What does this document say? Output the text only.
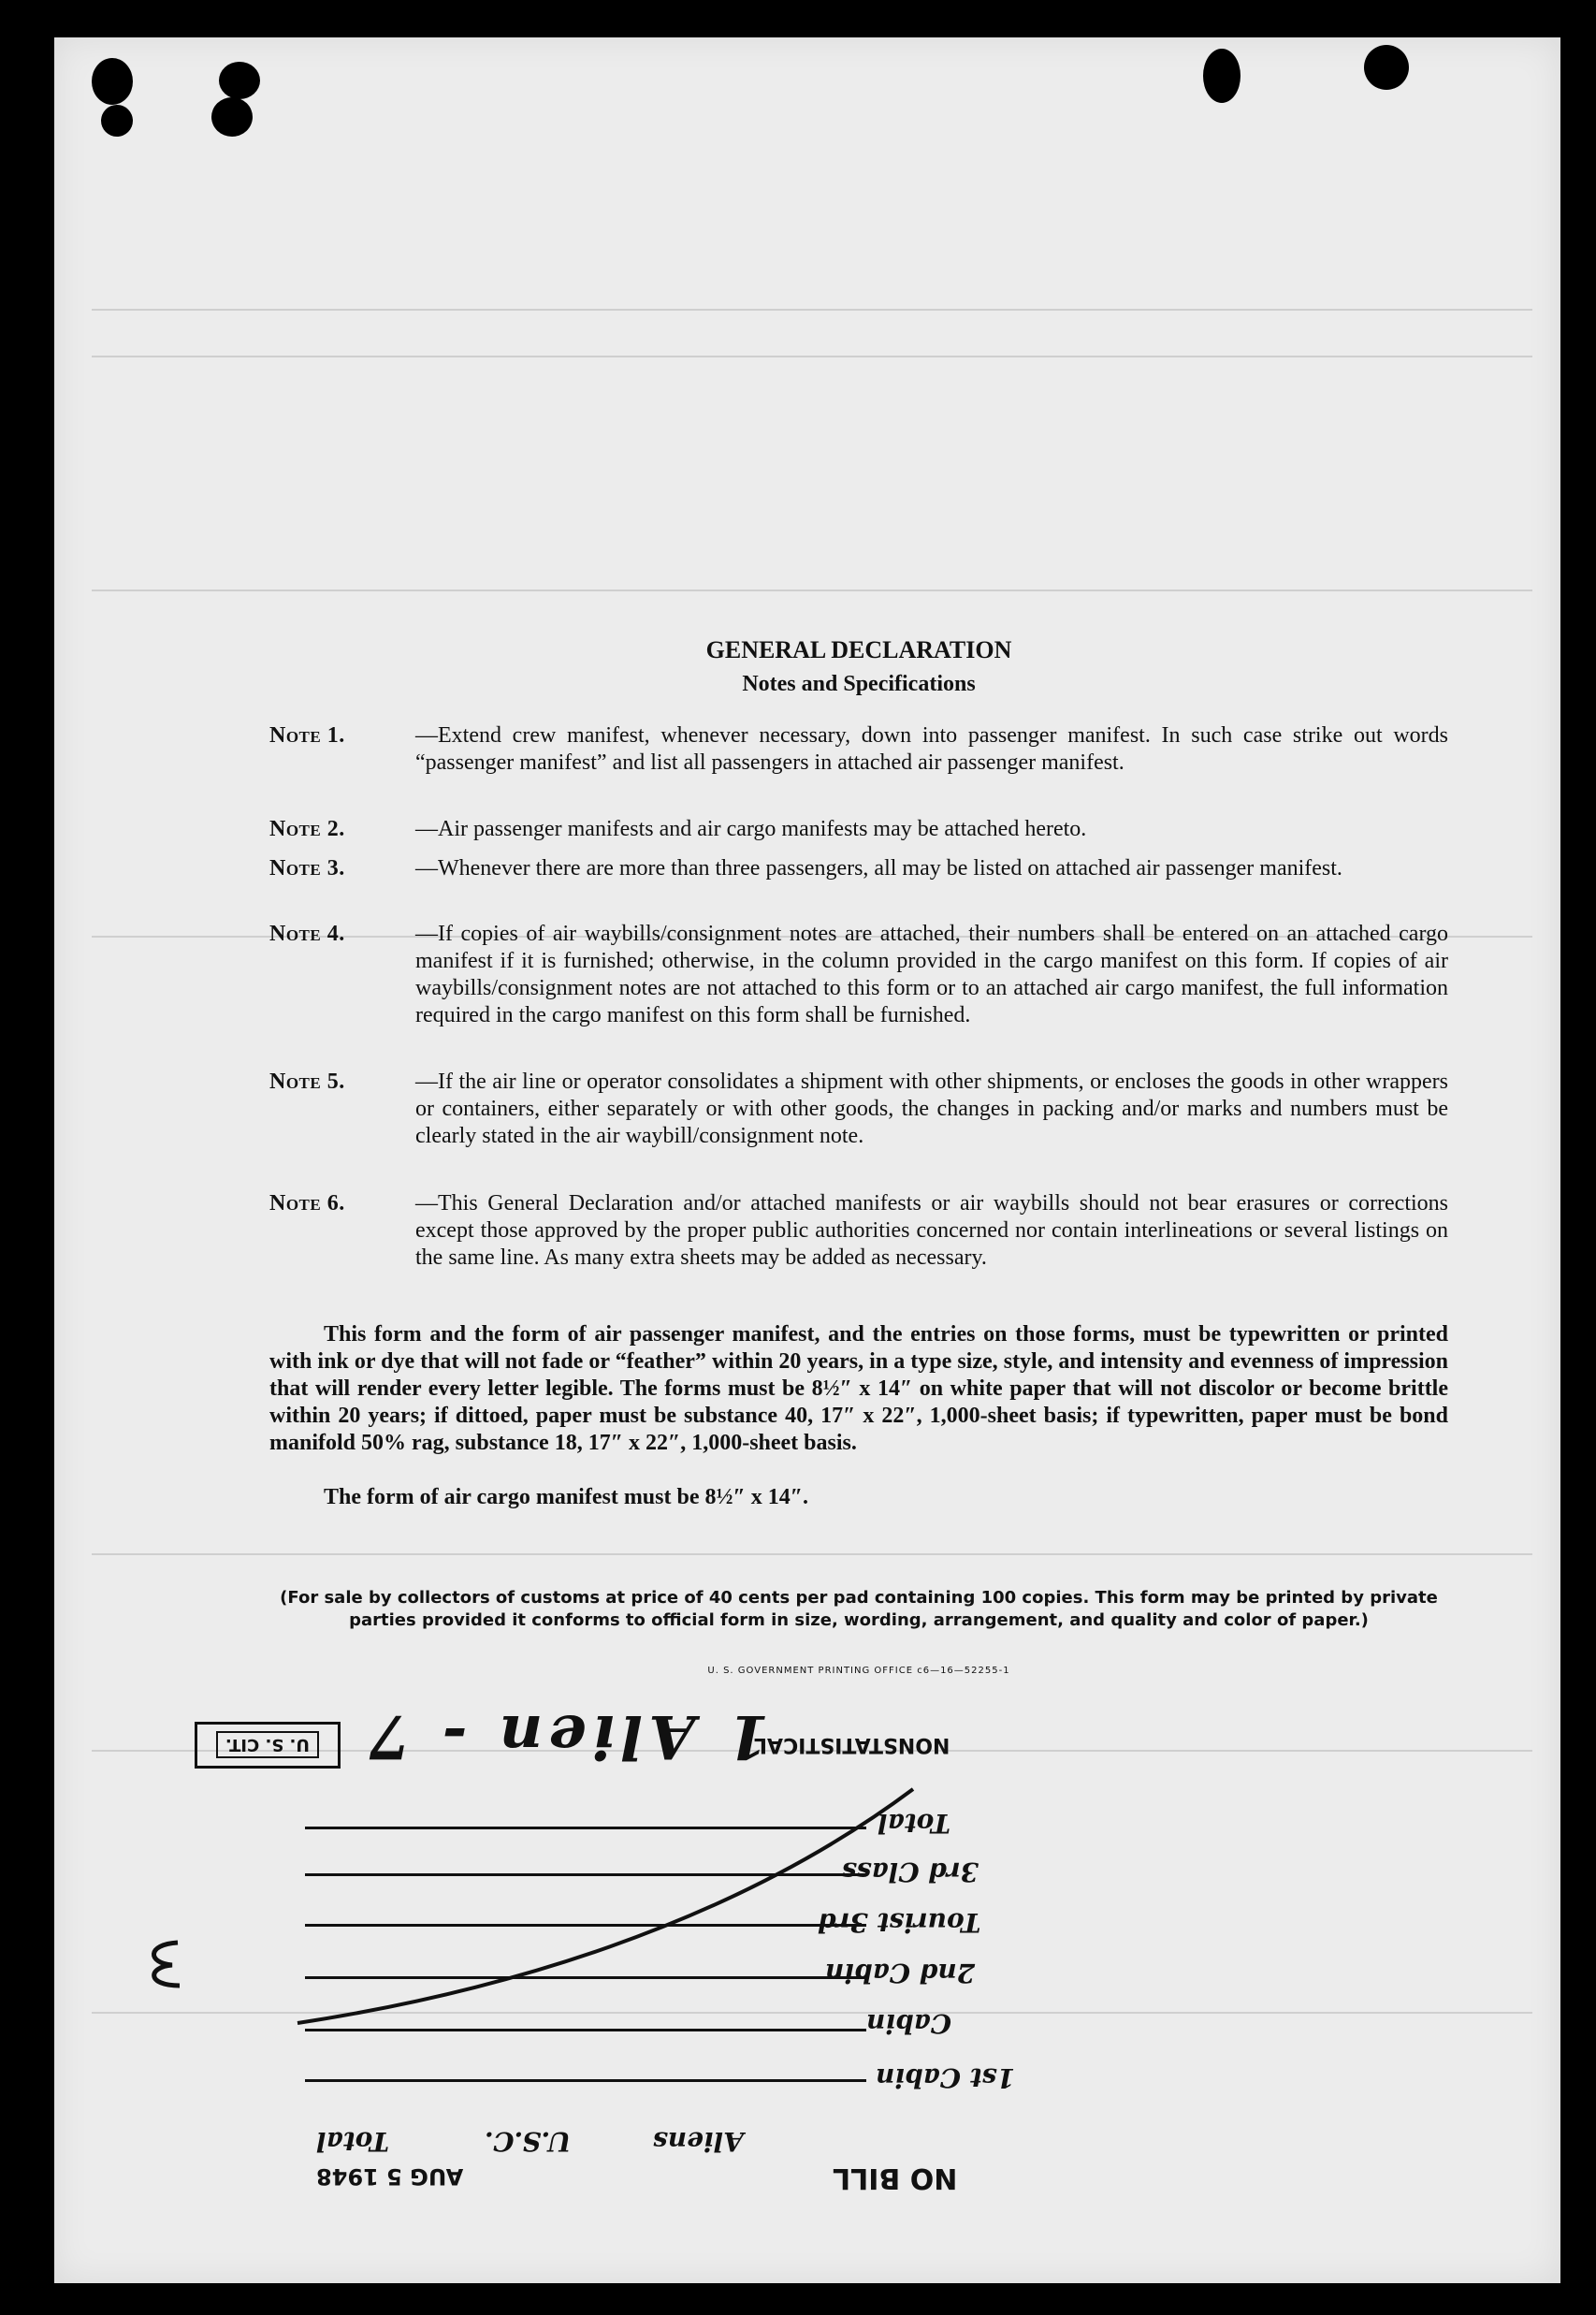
GENERAL DECLARATION
Notes and Specifications
Note 1.	—Extend crew manifest, whenever necessary, down into passenger manifest. In such case strike out words “passenger manifest” and list all passengers in attached air passenger manifest.
Note 2.	—Air passenger manifests and air cargo manifests may be attached hereto.
Note 3.	—Whenever there are more than three passengers, all may be listed on attached air passenger manifest.
Note 4.	—If copies of air waybills/consignment notes are attached, their numbers shall be entered on an attached cargo manifest if it is furnished; otherwise, in the column provided in the cargo manifest on this form. If copies of air waybills/consignment notes are not attached to this form or to an attached air cargo manifest, the full information required in the cargo manifest on this form shall be furnished.
Note 5.	—If the air line or operator consolidates a shipment with other shipments, or encloses the goods in other wrappers or containers, either separately or with other goods, the changes in packing and/or marks and numbers must be clearly stated in the air waybill/consignment note.
Note 6.	—This General Declaration and/or attached manifests or air waybills should not bear erasures or corrections except those approved by the proper public authorities concerned nor contain interlineations or several listings on the same line. As many extra sheets may be added as necessary.
This form and the form of air passenger manifest, and the entries on those forms, must be typewritten or printed with ink or dye that will not fade or “feather” within 20 years, in a type size, style, and intensity and evenness of impression that will render every letter legible. The forms must be 8½″ x 14″ on white paper that will not discolor or become brittle within 20 years; if dittoed, paper must be substance 40, 17″ x 22″, 1,000-sheet basis; if typewritten, paper must be bond manifold 50% rag, substance 18, 17″ x 22″, 1,000-sheet basis.
The form of air cargo manifest must be 8½″ x 14″.
(For sale by collectors of customs at price of 40 cents per pad containing 100 copies. This form may be printed by private parties provided it conforms to official form in size, wording, arrangement, and quality and color of paper.)
U. S. GOVERNMENT PRINTING OFFICE c6—16—52255-1
U. S. CIT. 1 Alien - 7
NONSTATISTICAL
Total
3rd Class
Tourist 3rd
2nd Cabin
Cabin
1st Cabin
Aliens
U.S.C.
Total
AUG 5 1948	NO BILL
